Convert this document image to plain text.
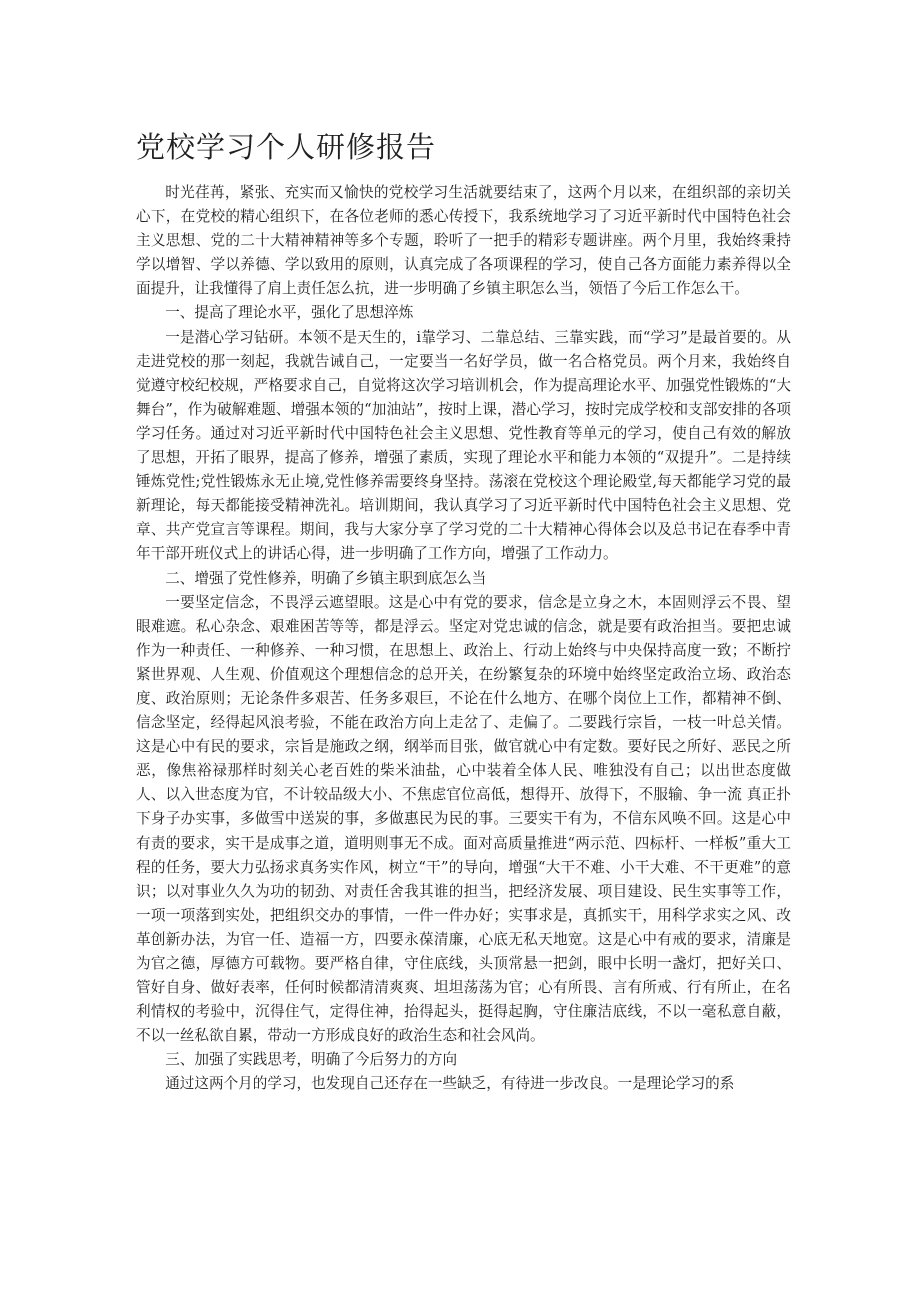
党校学习个人研修报告

时光荏苒，紧张、充实而又愉快的党校学习生活就要结束了，这两个月以来，在组织部的亲切关心下，在党校的精心组织下，在各位老师的悉心传授下，我系统地学习了习近平新时代中国特色社会主义思想、党的二十大精神精神等多个专题，聆听了一把手的精彩专题讲座。两个月里，我始终秉持学以增智、学以养德、学以致用的原则，认真完成了各项课程的学习，使自己各方面能力素养得以全面提升，让我懂得了肩上责任怎么抗，进一步明确了乡镇主职怎么当，领悟了今后工作怎么干。

一、提高了理论水平，强化了思想淬炼

一是潜心学习钻研。本领不是天生的，i靠学习、二靠总结、三靠实践，而“学习”是最首要的。从走进党校的那一刻起，我就告诫自己，一定要当一名好学员，做一名合格党员。两个月来，我始终自觉遵守校纪校规，严格要求自己，自觉将这次学习培训机会，作为提高理论水平、加强党性锻炼的“大舞台”，作为破解难题、增强本领的“加油站”，按时上课，潜心学习，按时完成学校和支部安排的各项学习任务。通过对习近平新时代中国特色社会主义思想、党性教育等单元的学习，使自己有效的解放了思想，开拓了眼界，提高了修养，增强了素质，实现了理论水平和能力本领的“双提升”。二是持续锤炼党性;党性锻炼永无止境,党性修养需要终身坚持。荡滚在党校这个理论殿堂,每天都能学习党的最新理论，每天都能接受精神洗礼。培训期间，我认真学习了习近平新时代中国特色社会主义思想、党章、共产党宣言等课程。期间，我与大家分享了学习党的二十大精神心得体会以及总书记在春季中青年干部开班仪式上的讲话心得，进一步明确了工作方向，增强了工作动力。

二、增强了党性修养，明确了乡镇主职到底怎么当

一要坚定信念，不畏浮云遮望眼。这是心中有党的要求，信念是立身之木，本固则浮云不畏、望眼难遮。私心杂念、艰难困苦等等，都是浮云。坚定对党忠诚的信念，就是要有政治担当。要把忠诚作为一种责任、一种修养、一种习惯，在思想上、政治上、行动上始终与中央保持高度一致；不断拧紧世界观、人生观、价值观这个理想信念的总开关，在纷繁复杂的环境中始终坚定政治立场、政治态度、政治原则；无论条件多艰苦、任务多艰巨，不论在什么地方、在哪个岗位上工作，都精神不倒、信念坚定，经得起风浪考验，不能在政治方向上走岔了、走偏了。二要践行宗旨，一枝一叶总关情。这是心中有民的要求，宗旨是施政之纲，纲举而目张，做官就心中有定数。要好民之所好、恶民之所恶，像焦裕禄那样时刻关心老百姓的柴米油盐，心中装着全体人民、唯独没有自己；以出世态度做人、以入世态度为官，不计较品级大小、不焦虑官位高低，想得开、放得下，不服输、争一流 真正扑下身子办实事，多做雪中送炭的事，多做惠民为民的事。三要实干有为，不信东风唤不回。这是心中有责的要求，实干是成事之道，道明则事无不成。面对高质量推进“两示范、四标杆、一样板”重大工程的任务，要大力弘扬求真务实作风，树立“干”的导向，增强“大干不难、小干大难、不干更难”的意识；以对事业久久为功的韧劲、对责任舍我其谁的担当，把经济发展、项目建设、民生实事等工作，一项一项落到实处，把组织交办的事情，一件一件办好；实事求是，真抓实干，用科学求实之风、改革创新办法，为官一任、造福一方，四要永葆清廉，心底无私天地宽。这是心中有戒的要求，清廉是为官之德，厚德方可载物。要严格自律，守住底线，头顶常悬一把剑，眼中长明一盏灯，把好关口、管好自身、做好表率，任何时候都清清爽爽、坦坦荡荡为官；心有所畏、言有所戒、行有所止，在名利情权的考验中，沉得住气，定得住神，抬得起头，挺得起胸，守住廉洁底线，不以一毫私意自蔽，不以一丝私欲自累，带动一方形成良好的政治生态和社会风尚。

三、加强了实践思考，明确了今后努力的方向

通过这两个月的学习，也发现自己还存在一些缺乏，有待进一步改良。一是理论学习的系
